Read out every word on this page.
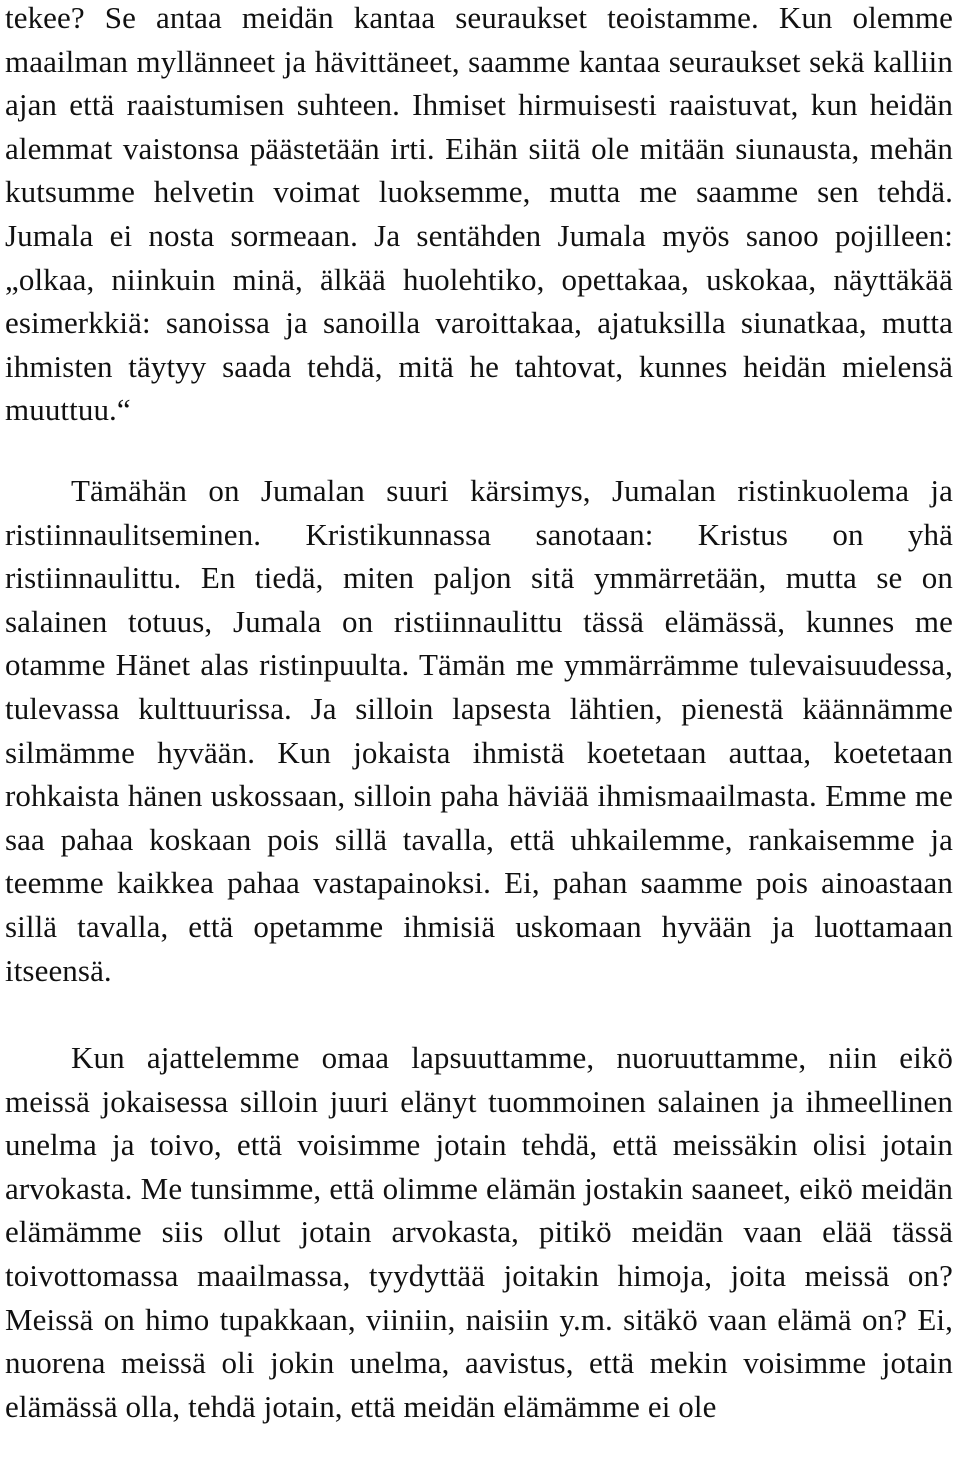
tekee? Se antaa meidän kantaa seuraukset teoistamme. Kun olemme maailman myllänneet ja hävittäneet, saamme kantaa seuraukset sekä kalliin ajan että raaistumisen suhteen. Ihmiset hirmuisesti raaistuvat, kun heidän alemmat vaistonsa päästetään irti. Eihän siitä ole mitään siunausta, mehän kutsumme helvetin voimat luoksemme, mutta me saamme sen tehdä. Jumala ei nosta sormeaan. Ja sentähden Jumala myös sanoo pojilleen: „olkaa, niinkuin minä, älkää huolehtiko, opettakaa, uskokaa, näyttäkää esimerkkiä: sanoissa ja sanoilla varoittakaa, ajatuksilla siunatkaa, mutta ihmisten täytyy saada tehdä, mitä he tahtovat, kunnes heidän mielensä muuttuu.“

Tämähän on Jumalan suuri kärsimys, Jumalan ristinkuolema ja ristiinnaulitseminen. Kristikunnassa sanotaan: Kristus on yhä ristiinnaulittu. En tiedä, miten paljon sitä ymmärretään, mutta se on salainen totuus, Jumala on ristiinnaulittu tässä elämässä, kunnes me otamme Hänet alas ristinpuulta. Tämän me ymmärrämme tulevaisuudessa, tulevassa kulttuurissa. Ja silloin lapsesta lähtien, pienestä käännämme silmämme hyvään. Kun jokaista ihmistä koetetaan auttaa, koetetaan rohkaista hänen uskossaan, silloin paha häviää ihmismaailmasta. Emme me saa pahaa koskaan pois sillä tavalla, että uhkailemme, rankaisemme ja teemme kaikkea pahaa vastapainoksi. Ei, pahan saamme pois ainoastaan sillä tavalla, että opetamme ihmisiä uskomaan hyvään ja luottamaan itseensä.

Kun ajattelemme omaa lapsuuttamme, nuoruuttamme, niin eikö meissä jokaisessa silloin juuri elänyt tuommoinen salainen ja ihmeellinen unelma ja toivo, että voisimme jotain tehdä, että meissäkin olisi jotain arvokasta. Me tunsimme, että olimme elämän jostakin saaneet, eikö meidän elämämme siis ollut jotain arvokasta, pitikö meidän vaan elää tässä toivottomassa maailmassa, tyydyttää joitakin himoja, joita meissä on? Meissä on himo tupakkaan, viiniin, naisiin y.m. sitäkö vaan elämä on? Ei, nuorena meissä oli jokin unelma, aavistus, että mekin voisimme jotain elämässä olla, tehdä jotain, että meidän elämämme ei ole
